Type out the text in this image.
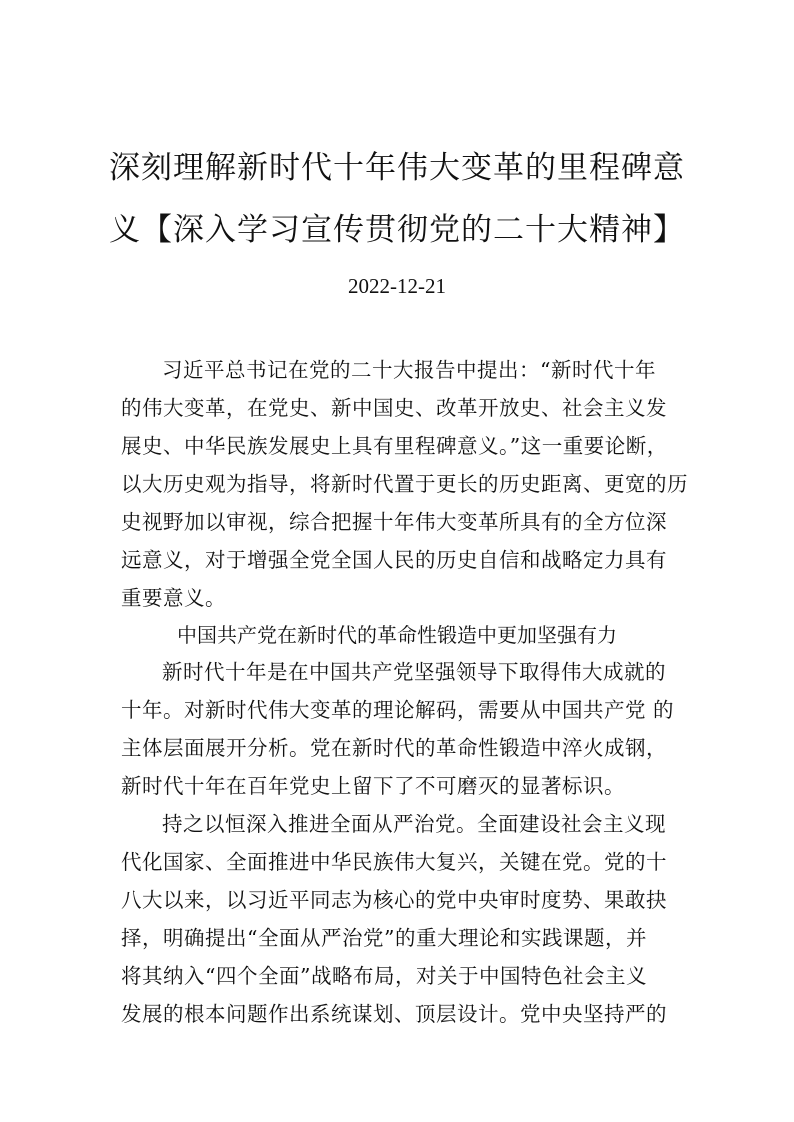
深刻理解新时代十年伟大变革的里程碑意
义【深入学习宣传贯彻党的二十大精神】
2022-12-21
习近平总书记在党的二十大报告中提出：“新时代十年
的伟大变革，在党史、新中国史、改革开放史、社会主义发
展史、中华民族发展史上具有里程碑意义。”这一重要论断，
以大历史观为指导，将新时代置于更长的历史距离、更宽的历
史视野加以审视，综合把握十年伟大变革所具有的全方位深
远意义，对于增强全党全国人民的历史自信和战略定力具有
重要意义。
中国共产党在新时代的革命性锻造中更加坚强有力
新时代十年是在中国共产党坚强领导下取得伟大成就的
十年。对新时代伟大变革的理论解码，需要从中国共产党 的
主体层面展开分析。党在新时代的革命性锻造中淬火成钢，
新时代十年在百年党史上留下了不可磨灭的显著标识。
持之以恒深入推进全面从严治党。全面建设社会主义现
代化国家、全面推进中华民族伟大复兴，关键在党。党的十
八大以来，以习近平同志为核心的党中央审时度势、果敢抉
择，明确提出“全面从严治党”的重大理论和实践课题，并
将其纳入“四个全面”战略布局，对关于中国特色社会主义
发展的根本问题作出系统谋划、顶层设计。党中央坚持严的
